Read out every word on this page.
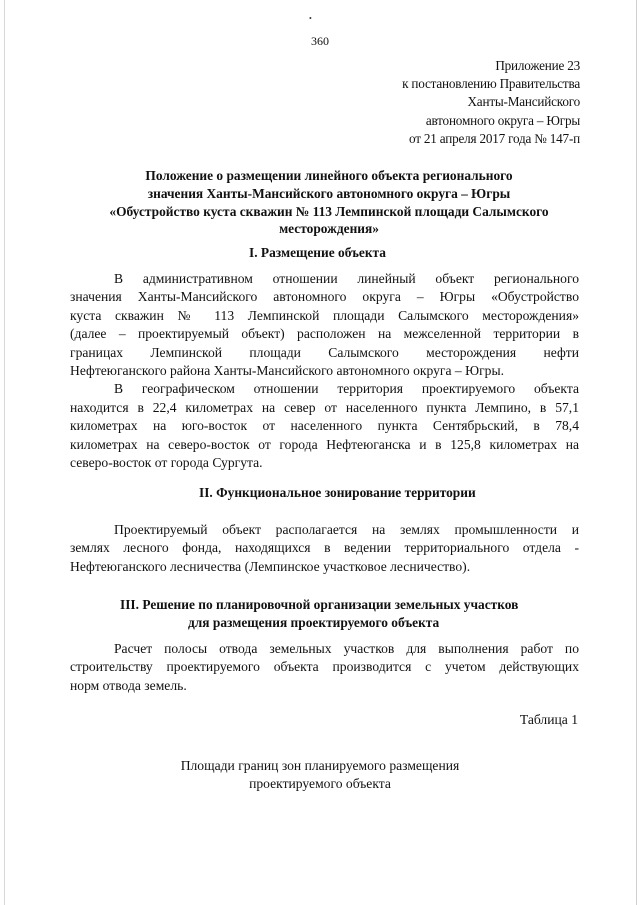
•
360
Приложение 23
к постановлению Правительства
Ханты-Мансийского
автономного округа – Югры
от 21 апреля 2017 года № 147-п
Положение о размещении линейного объекта регионального
значения Ханты-Мансийского автономного округа – Югры
«Обустройство куста скважин № 113 Лемпинской площади Салымского
месторождения»
I. Размещение объекта
В административном отношении линейный объект регионального
значения Ханты-Мансийского автономного округа – Югры «Обустройство
куста скважин № 113 Лемпинской площади Салымского месторождения»
(далее – проектируемый объект) расположен на межселенной территории в
границах Лемпинской площади Салымского месторождения нефти
Нефтеюганского района Ханты-Мансийского автономного округа – Югры.
В географическом отношении территория проектируемого объекта
находится в 22,4 километрах на север от населенного пункта Лемпино, в 57,1
километрах на юго-восток от населенного пункта Сентябрьский, в 78,4
километрах на северо-восток от города Нефтеюганска и в 125,8 километрах на
северо-восток от города Сургута.
II. Функциональное зонирование территории
Проектируемый объект располагается на землях промышленности и
землях лесного фонда, находящихся в ведении территориального отдела -
Нефтеюганского лесничества (Лемпинское участковое лесничество).
III. Решение по планировочной организации земельных участков
для размещения проектируемого объекта
Расчет полосы отвода земельных участков для выполнения работ по
строительству проектируемого объекта производится с учетом действующих
норм отвода земель.
Таблица 1
Площади границ зон планируемого размещения
проектируемого объекта
